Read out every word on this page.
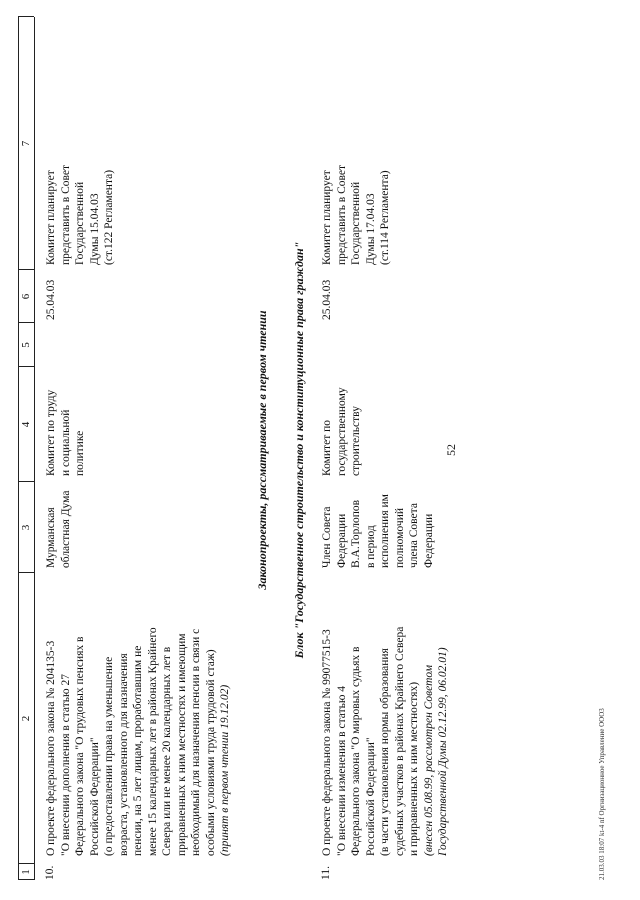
52
1
2
3
4
5
6
7
10.
О проекте федерального закона № 204135-3 "О внесении дополнения в статью 27 Федерального закона "О трудовых пенсиях в Российской Федерации" (о предоставлении права на уменьшение возраста, установленного для назначения пенсии, на 5 лет лицам, проработавшим не менее 15 календарных лет в районах Крайнего Севера или не менее 20 календарных лет в приравненных к ним местностях и имеющим необходимый для назначения пенсии в связи с особыми условиями труда трудовой стаж) (принят в первом чтении 19.12.02)
Мурманская областная Дума
Комитет по труду и социальной политике
25.04.03
Комитет планирует представить в Совет Государственной Думы 15.04.03 (ст.122 Регламента)
Законопроекты, рассматриваемые в первом чтении Блок "Государственное строительство и конституционные права граждан"
11.
О проекте федерального закона № 99077515-3 "О внесении изменения в статью 4 Федерального закона "О мировых судьях в Российской Федерации" (в части установления нормы образования судебных участков в районах Крайнего Севера и приравненных к ним местностях) (внесен 05.08.99, рассмотрен Советом Государственной Думы 02.12.99, 06.02.01)
Член Совета Федерации В.А.Торлопов в период исполнения им полномочий члена Совета Федерации
Комитет по государственному строительству
25.04.03
Комитет планирует представить в Совет Государственной Думы 17.04.03 (ст.114 Регламента)
21.03.03 18:07 kt-4 nf Оргнизационное Управление ООО3
